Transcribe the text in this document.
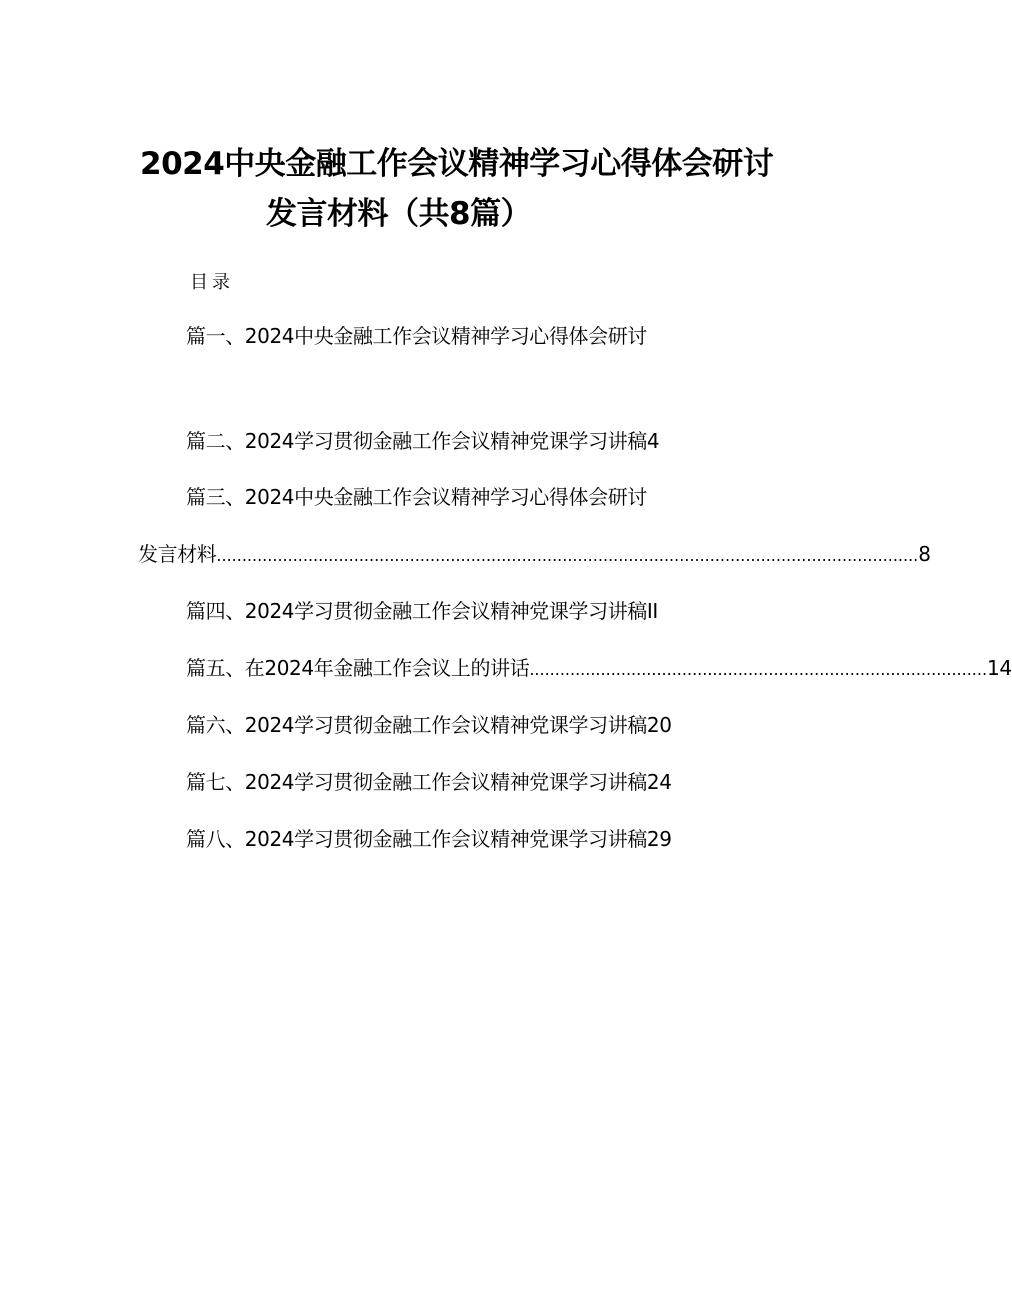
2024中央金融工作会议精神学习心得体会研讨
发言材料（共8篇）
目录
篇一、2024中央金融工作会议精神学习心得体会研讨
篇二、2024学习贯彻金融工作会议精神党课学习讲稿 4
篇三、2024中央金融工作会议精神学习心得体会研讨
发言材料 .......................................................................................................................................... 8
篇四、2024学习贯彻金融工作会议精神党课学习讲稿 II
篇五、在2024年金融工作会议上的讲话 .......................................................................................... 14
篇六、2024学习贯彻金融工作会议精神党课学习讲稿 20
篇七、2024学习贯彻金融工作会议精神党课学习讲稿 24
篇八、2024学习贯彻金融工作会议精神党课学习讲稿 29
